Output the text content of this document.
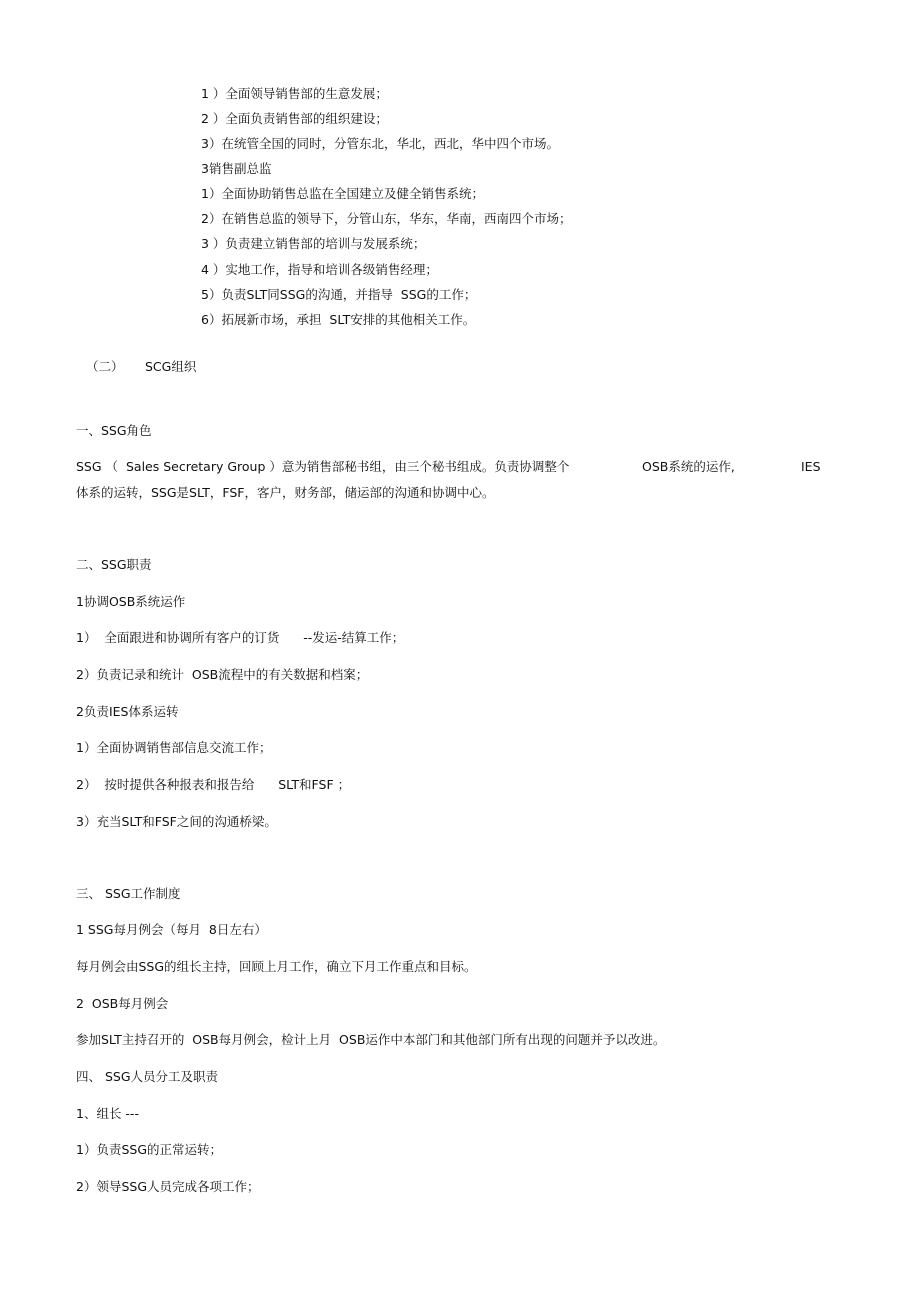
1 ）全面领导销售部的生意发展；
2 ）全面负责销售部的组织建设；
3）在统管全国的同时，分管东北，华北，西北，华中四个市场。
3销售副总监
1）全面协助销售总监在全国建立及健全销售系统；
2）在销售总监的领导下，分管山东，华东，华南，西南四个市场；
3 ）负责建立销售部的培训与发展系统；
4 ）实地工作，指导和培训各级销售经理；
5）负责SLT同SSG的沟通，并指导  SSG的工作；
6）拓展新市场，承担  SLT安排的其他相关工作。
（二） SCG组织
一、SSG角色
SSG （  Sales Secretary Group ）意为销售部秘书组，由三个秘书组成。负责协调整个	OSB系统的运作,	IES
体系的运转，SSG是SLT，FSF，客户，财务部，储运部的沟通和协调中心。
二、SSG职责
1协调OSB系统运作
1）  全面跟进和协调所有客户的订货      --发运-结算工作；
2）负责记录和统计  OSB流程中的有关数据和档案；
2负责IES体系运转
1）全面协调销售部信息交流工作；
2）  按时提供各种报表和报告给      SLT和FSF ；
3）充当SLT和FSF之间的沟通桥梁。
三、 SSG工作制度
1 SSG每月例会（每月  8日左右）
每月例会由SSG的组长主持，回顾上月工作，确立下月工作重点和目标。
2  OSB每月例会
参加SLT主持召开的  OSB每月例会，检计上月  OSB运作中本部门和其他部门所有出现的问题并予以改进。
四、 SSG人员分工及职责
1、组长 ---
1）负责SSG的正常运转；
2）领导SSG人员完成各项工作；
